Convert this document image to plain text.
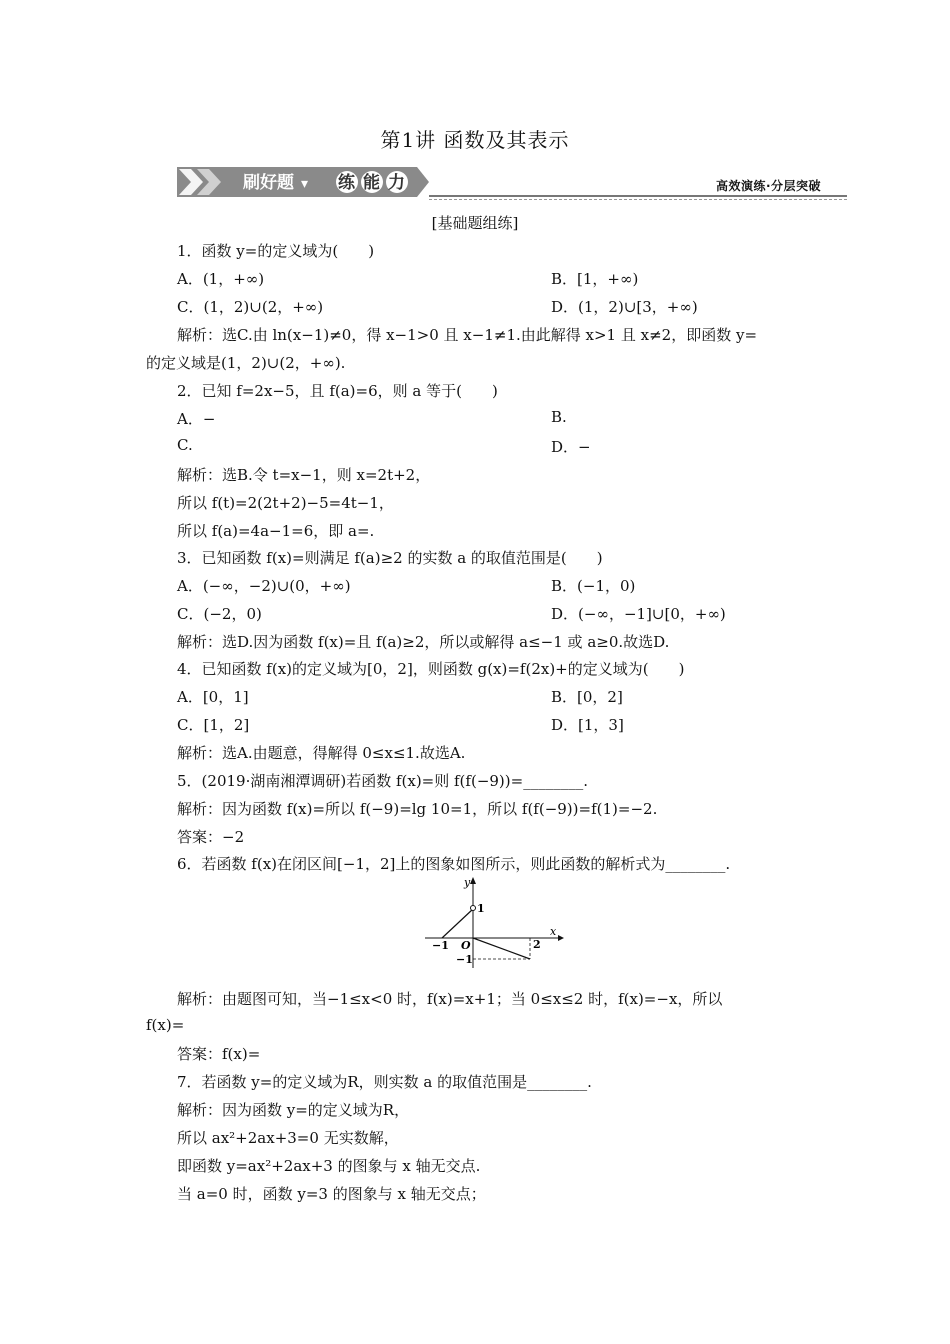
第1讲 函数及其表示
刷好题 ▾ 练 能 力	高效演练·分层突破
[基础题组练]
1．函数 y=的定义域为(　　)
A．(1，+∞)	B．[1，+∞)
C．(1，2)∪(2，+∞)	D．(1，2)∪[3，+∞)
解析：选C.由 ln(x−1)≠0，得 x−1>0 且 x−1≠1.由此解得 x>1 且 x≠2，即函数 y=
的定义域是(1，2)∪(2，+∞).
2．已知 f=2x−5，且 f(a)=6，则 a 等于(　　)
A．−	B.
C.	D．−
解析：选B.令 t=x−1，则 x=2t+2，
所以 f(t)=2(2t+2)−5=4t−1，
所以 f(a)=4a−1=6，即 a=.
3．已知函数 f(x)=则满足 f(a)≥2 的实数 a 的取值范围是(　　)
A．(−∞，−2)∪(0，+∞)	B．(−1，0)
C．(−2，0)	D．(−∞，−1]∪[0，+∞)
解析：选D.因为函数 f(x)=且 f(a)≥2，所以或解得 a≤−1 或 a≥0.故选D.
4．已知函数 f(x)的定义域为[0，2]，则函数 g(x)=f(2x)+的定义域为(　　)
A．[0，1]	B．[0，2]
C．[1，2]	D．[1，3]
解析：选A.由题意，得解得 0≤x≤1.故选A.
5．(2019·湖南湘潭调研)若函数 f(x)=则 f(f(−9))=________.
解析：因为函数 f(x)=所以 f(−9)=lg 10=1，所以 f(f(−9))=f(1)=−2.
答案：−2
6．若函数 f(x)在闭区间[−1，2]上的图象如图所示，则此函数的解析式为________.
y
x
1
−1 O	2
−1
解析：由题图可知，当−1≤x<0 时，f(x)=x+1；当 0≤x≤2 时，f(x)=−x，所以
f(x)=
答案：f(x)=
7．若函数 y=的定义域为R，则实数 a 的取值范围是________.
解析：因为函数 y=的定义域为R，
所以 ax²+2ax+3=0 无实数解，
即函数 y=ax²+2ax+3 的图象与 x 轴无交点.
当 a=0 时，函数 y=3 的图象与 x 轴无交点；
